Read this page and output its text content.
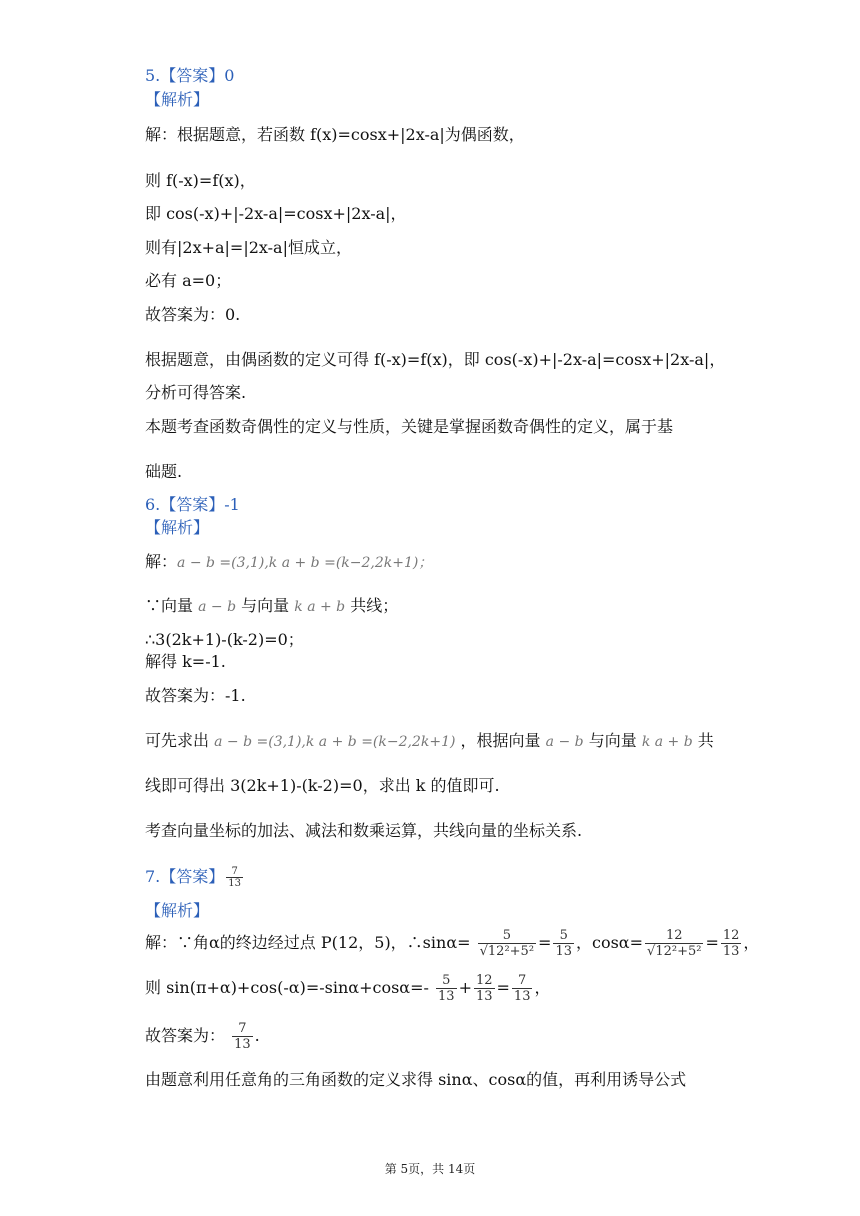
5.【答案】0
【解析】
解：根据题意，若函数 f(x)=cosx+|2x-a|为偶函数，
则 f(-x)=f(x)，
即 cos(-x)+|-2x-a|=cosx+|2x-a|，
则有|2x+a|=|2x-a|恒成立，
必有 a=0；
故答案为：0.
根据题意，由偶函数的定义可得 f(-x)=f(x)，即 cos(-x)+|-2x-a|=cosx+|2x-a|，
分析可得答案.
本题考查函数奇偶性的定义与性质，关键是掌握函数奇偶性的定义，属于基
础题.
6.【答案】-1
【解析】
解：a − b =(3,1),k a + b =(k−2,2k+1)；
∵向量 a − b 与向量 k a + b 共线；
∴3(2k+1)-(k-2)=0；
解得 k=-1.
故答案为：-1.
可先求出 a − b =(3,1),k a + b =(k−2,2k+1) ，根据向量 a − b 与向量 k a + b 共
线即可得出 3(2k+1)-(k-2)=0，求出 k 的值即可.
考查向量坐标的加法、减法和数乘运算，共线向量的坐标关系.
7.【答案】 $\frac{7}{13}$
【解析】
解：∵角α的终边经过点 P(12，5)，∴sinα= $\frac{5}{\text{√12²+5²}} = \frac{5}{13}$ ，$\cos\alpha= \frac{12}{\text{√12²+5²}} = \frac{12}{13}$ ，
则 $\sin(\pi+\alpha)+\cos(-\alpha)=-\sin\alpha+\cos\alpha=- \frac{5}{13} + \frac{12}{13} = \frac{7}{13}$ ，
故答案为： $\frac{7}{13}$ .
由题意利用任意角的三角函数的定义求得 sinα、cosα的值，再利用诱导公式
第 5页，共 14页
